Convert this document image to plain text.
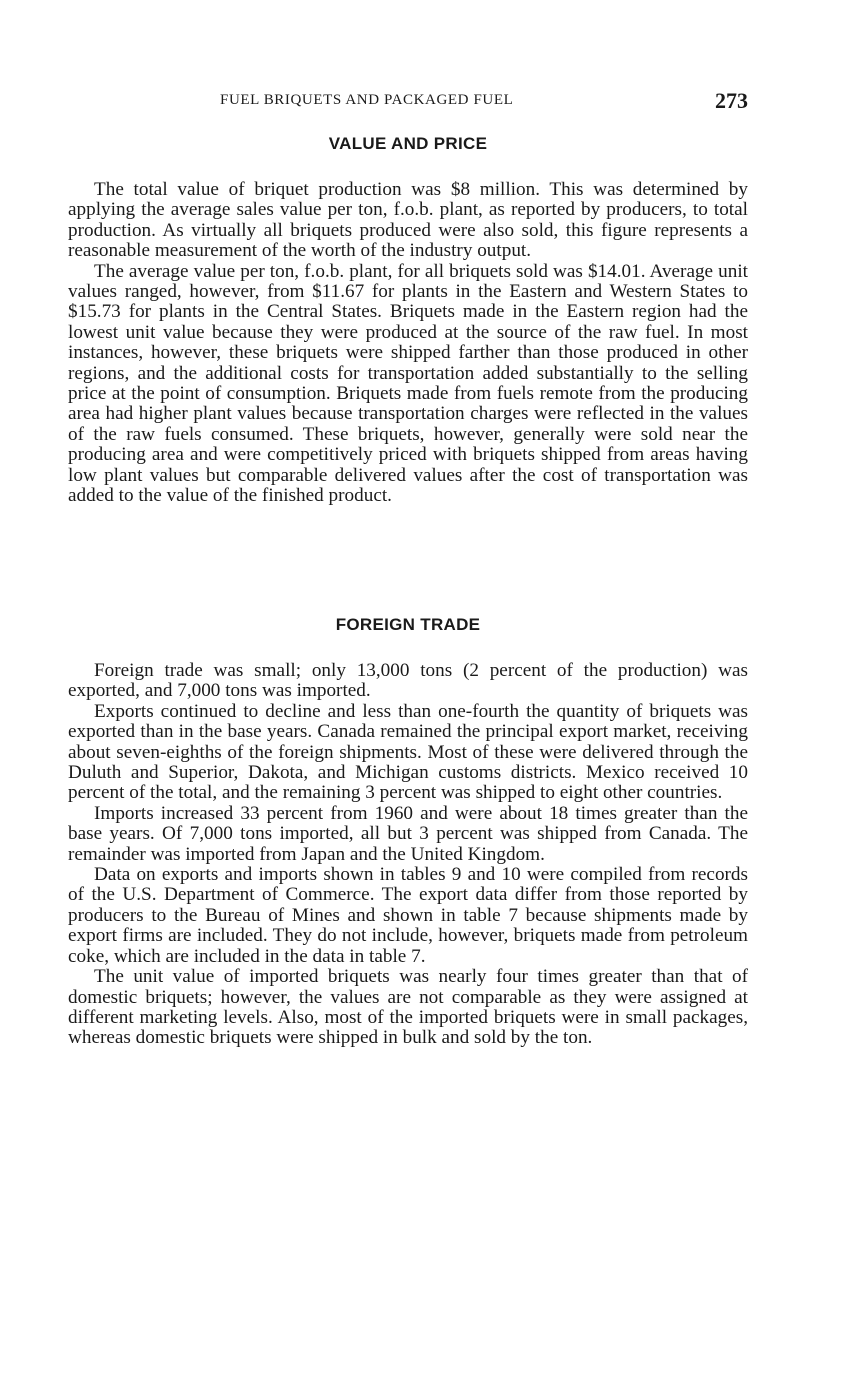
FUEL BRIQUETS AND PACKAGED FUEL	273
VALUE AND PRICE

The total value of briquet production was $8 million. This was determined by applying the average sales value per ton, f.o.b. plant, as reported by producers, to total production. As virtually all briquets produced were also sold, this figure represents a reasonable measurement of the worth of the industry output.

The average value per ton, f.o.b. plant, for all briquets sold was $14.01. Average unit values ranged, however, from $11.67 for plants in the Eastern and Western States to $15.73 for plants in the Central States. Briquets made in the Eastern region had the lowest unit value because they were produced at the source of the raw fuel. In most instances, however, these briquets were shipped farther than those produced in other regions, and the additional costs for transportation added substantially to the selling price at the point of consumption. Briquets made from fuels remote from the producing area had higher plant values because transportation charges were reflected in the values of the raw fuels consumed. These briquets, however, generally were sold near the producing area and were competitively priced with briquets shipped from areas having low plant values but comparable delivered values after the cost of transportation was added to the value of the finished product.

FOREIGN TRADE

Foreign trade was small; only 13,000 tons (2 percent of the production) was exported, and 7,000 tons was imported.

Exports continued to decline and less than one-fourth the quantity of briquets was exported than in the base years. Canada remained the principal export market, receiving about seven-eighths of the foreign shipments. Most of these were delivered through the Duluth and Superior, Dakota, and Michigan customs districts. Mexico received 10 percent of the total, and the remaining 3 percent was shipped to eight other countries.

Imports increased 33 percent from 1960 and were about 18 times greater than the base years. Of 7,000 tons imported, all but 3 percent was shipped from Canada. The remainder was imported from Japan and the United Kingdom.

Data on exports and imports shown in tables 9 and 10 were compiled from records of the U.S. Department of Commerce. The export data differ from those reported by producers to the Bureau of Mines and shown in table 7 because shipments made by export firms are included. They do not include, however, briquets made from petroleum coke, which are included in the data in table 7.

The unit value of imported briquets was nearly four times greater than that of domestic briquets; however, the values are not comparable as they were assigned at different marketing levels. Also, most of the imported briquets were in small packages, whereas domestic briquets were shipped in bulk and sold by the ton.
